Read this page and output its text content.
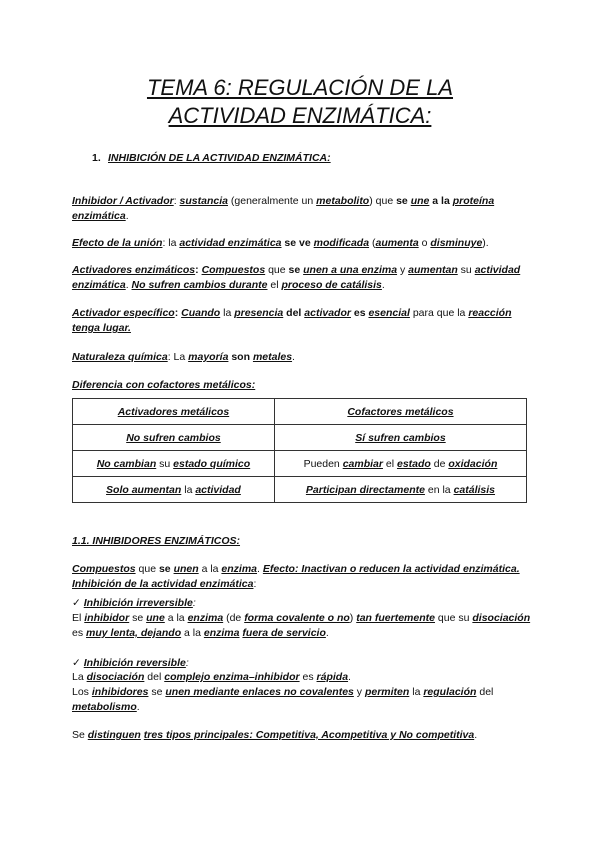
TEMA 6: REGULACIÓN DE LA
ACTIVIDAD ENZIMÁTICA:
1. INHIBICIÓN DE LA ACTIVIDAD ENZIMÁTICA:
Inhibidor / Activador: sustancia (generalmente un metabolito) que se une a la proteína enzimática.
Efecto de la unión: la actividad enzimática se ve modificada (aumenta o disminuye).
Activadores enzimáticos: Compuestos que se unen a una enzima y aumentan su actividad enzimática. No sufren cambios durante el proceso de catálisis.
Activador específico: Cuando la presencia del activador es esencial para que la reacción tenga lugar.
Naturaleza química: La mayoría son metales.
Diferencia con cofactores metálicos:
Activadores metálicos	Cofactores metálicos
No sufren cambios	Sí sufren cambios
No cambian su estado químico	Pueden cambiar el estado de oxidación
Solo aumentan la actividad	Participan directamente en la catálisis
1.1. INHIBIDORES ENZIMÁTICOS:
Compuestos que se unen a la enzima. Efecto: Inactivan o reducen la actividad enzimática. Inhibición de la actividad enzimática:
✓ Inhibición irreversible:
El inhibidor se une a la enzima (de forma covalente o no) tan fuertemente que su disociación es muy lenta, dejando a la enzima fuera de servicio.
✓ Inhibición reversible:
La disociación del complejo enzima–inhibidor es rápida.
Los inhibidores se unen mediante enlaces no covalentes y permiten la regulación del metabolismo.
Se distinguen tres tipos principales: Competitiva, Acompetitiva y No competitiva.
